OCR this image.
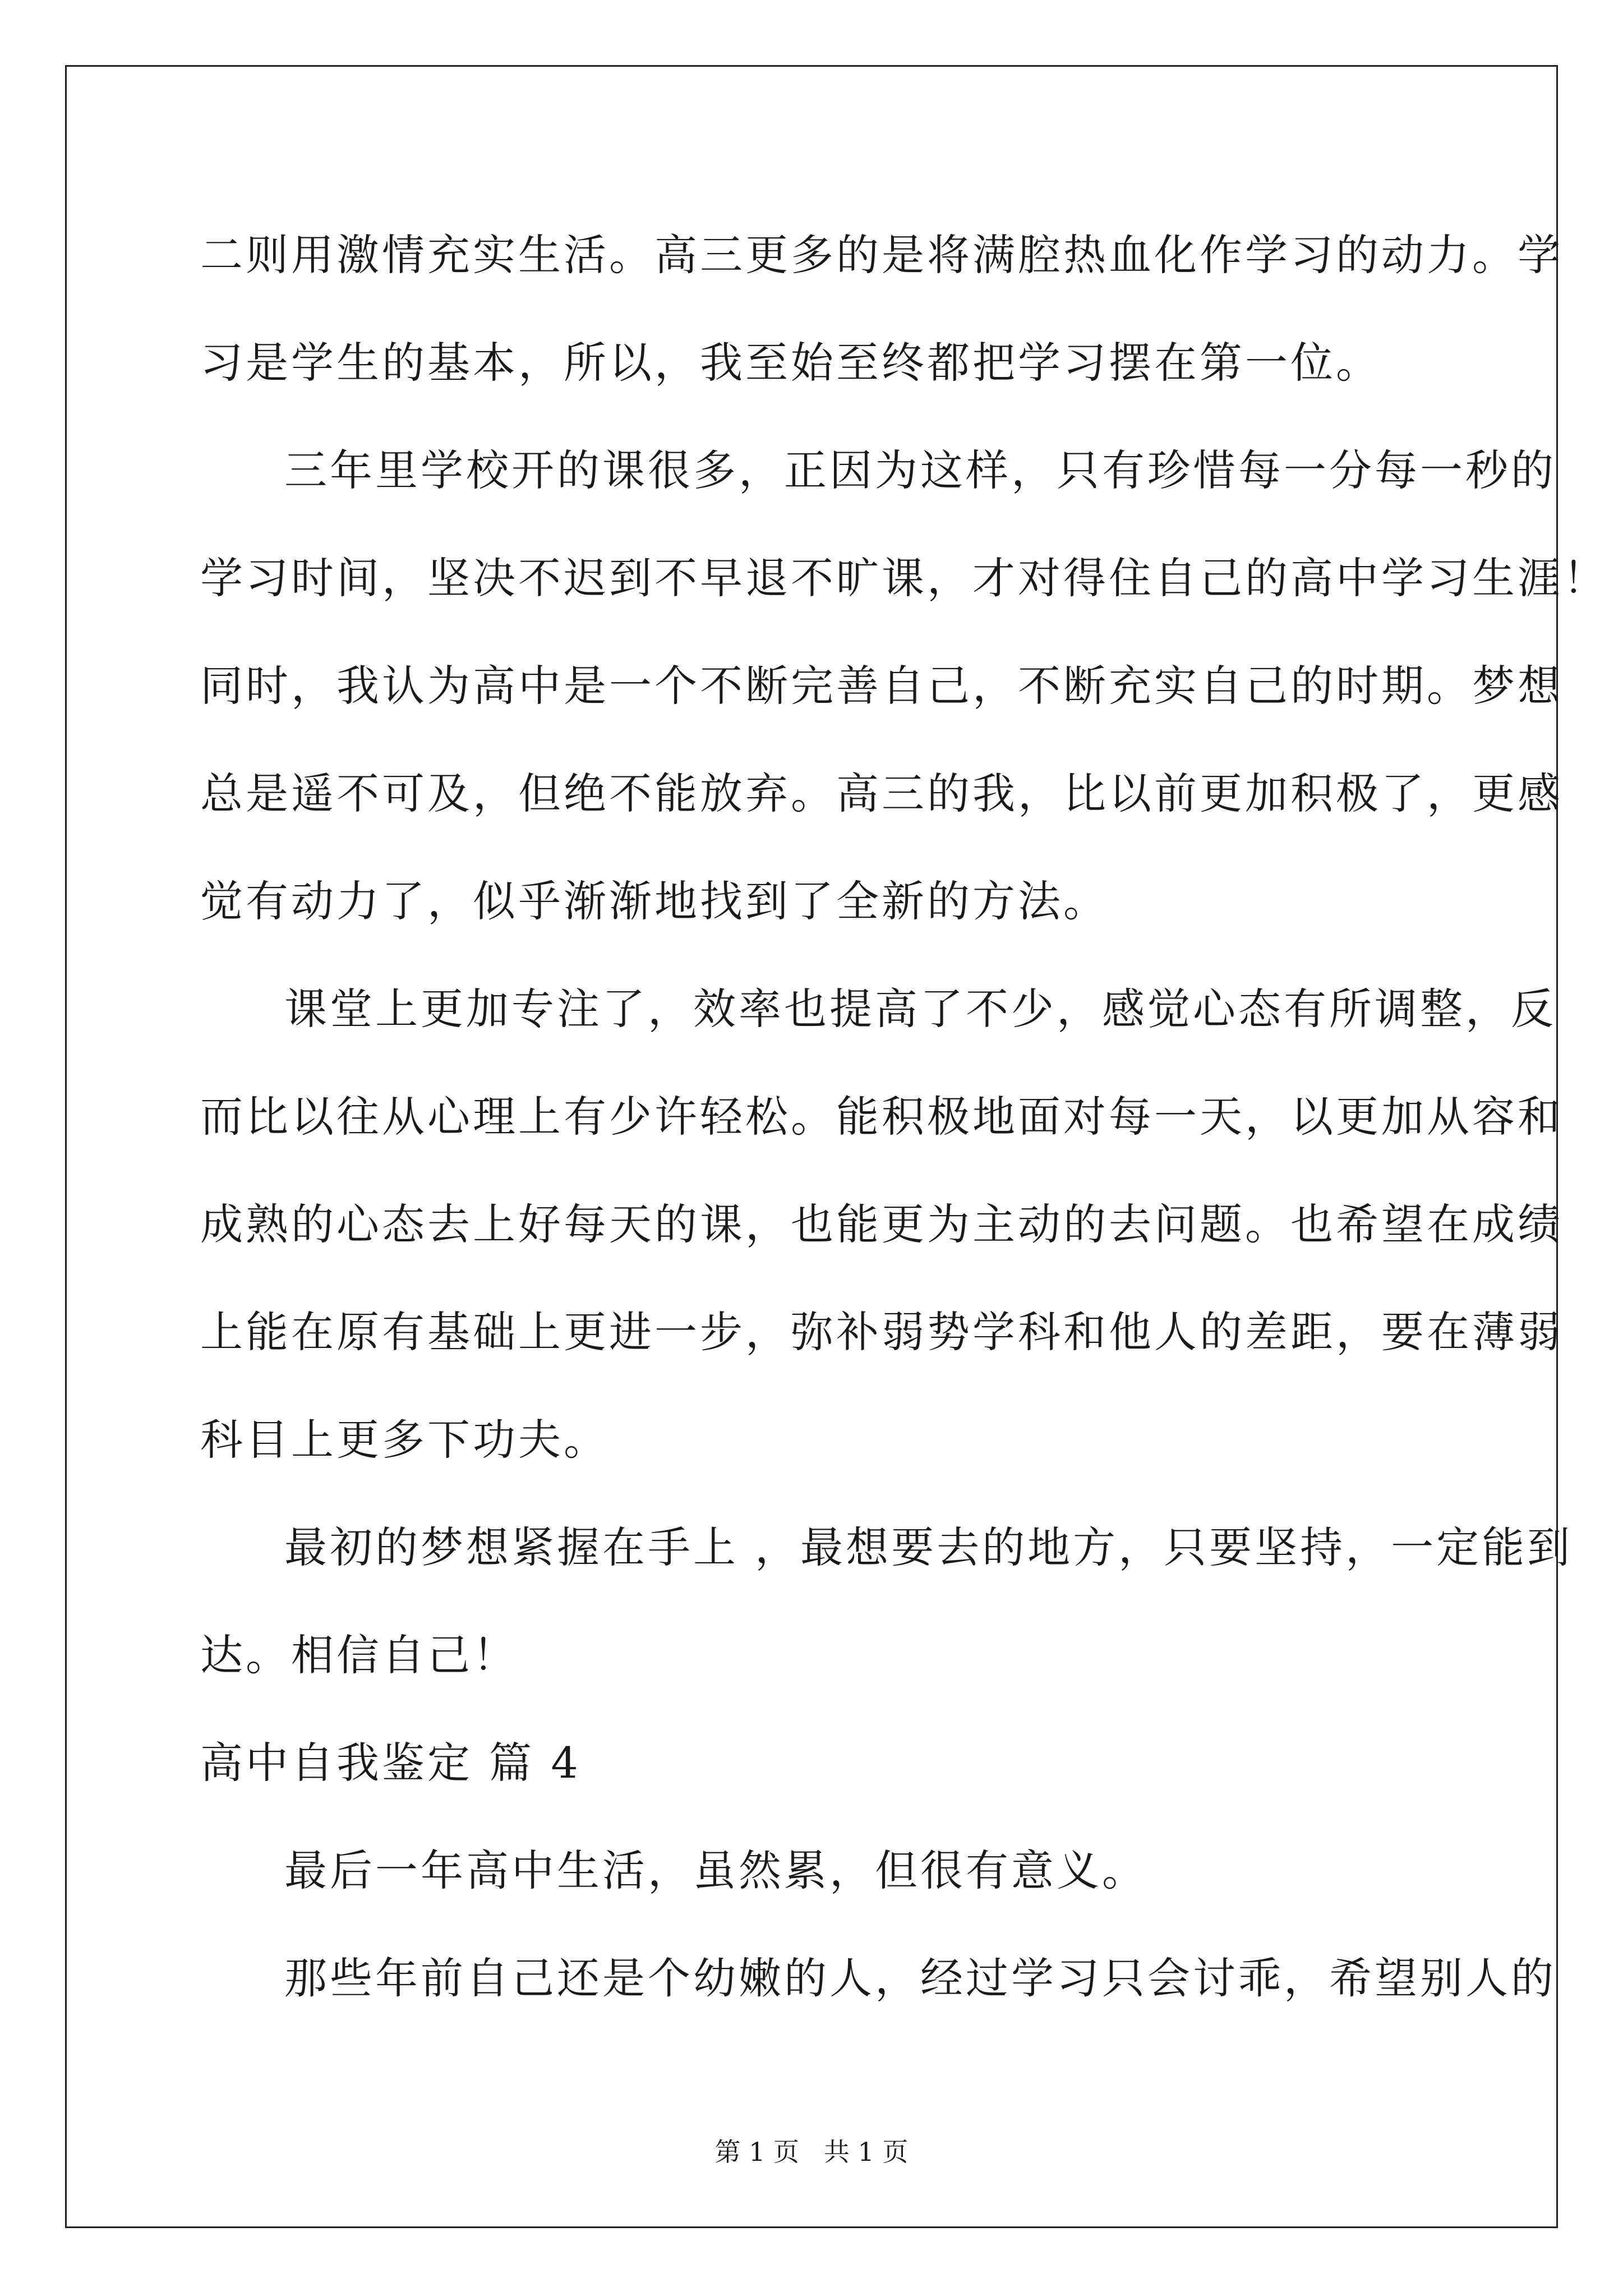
二则用激情充实生活。高三更多的是将满腔热血化作学习的动力。学
习是学生的基本，所以，我至始至终都把学习摆在第一位。
三年里学校开的课很多，正因为这样，只有珍惜每一分每一秒的
学习时间，坚决不迟到不早退不旷课，才对得住自己的高中学习生涯！
同时，我认为高中是一个不断完善自己，不断充实自己的时期。梦想
总是遥不可及，但绝不能放弃。高三的我，比以前更加积极了，更感
觉有动力了，似乎渐渐地找到了全新的方法。
课堂上更加专注了，效率也提高了不少，感觉心态有所调整，反
而比以往从心理上有少许轻松。能积极地面对每一天，以更加从容和
成熟的心态去上好每天的课，也能更为主动的去问题。也希望在成绩
上能在原有基础上更进一步，弥补弱势学科和他人的差距，要在薄弱
科目上更多下功夫。
最初的梦想紧握在手上 ，最想要去的地方，只要坚持，一定能到
达。相信自己！
高中自我鉴定 篇 4
最后一年高中生活，虽然累，但很有意义。
那些年前自己还是个幼嫩的人，经过学习只会讨乖，希望别人的
第 1 页   共 1 页
